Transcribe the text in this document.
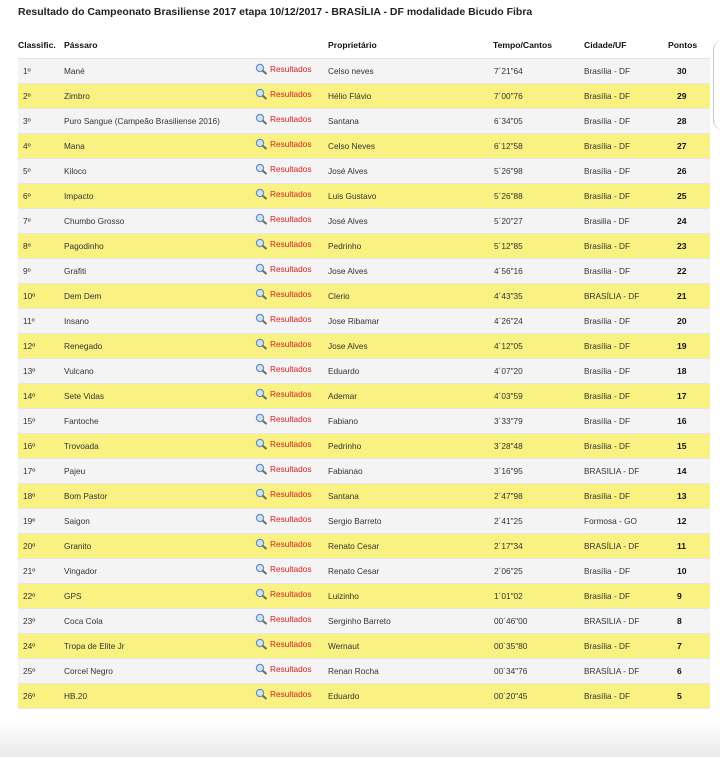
Resultado do Campeonato Brasiliense 2017 etapa 10/12/2017 - BRASÍLIA - DF modalidade Bicudo Fibra
Classific. Pássaro	Proprietário	Tempo/Cantos	Cidade/UF	Pontos
1º	Mané	Resultados Celso neves	7´21"64	Brasília - DF	30
2º	Zimbro	Resultados Hélio Flávio	7´00"76	Brasília - DF	29
3º	Puro Sangue (Campeão Brasiliense 2016)	Resultados Santana	6´34"05	Brasília - DF	28
4º	Mana	Resultados Celso Neves	6´12"58	Brasília - DF	27
5º	Kiloco	Resultados José Alves	5´26"98	Brasília - DF	26
6º	Impacto	Resultados Luis Gustavo	5´26"88	Brasília - DF	25
7º	Chumbo Grosso	Resultados José Alves	5´20"27	Brasilia - DF	24
8º	Pagodinho	Resultados Pedrinho	5´12"85	Brasília - DF	23
9º	Grafiti	Resultados Jose Alves	4´56"16	Brasília - DF	22
10º	Dem Dem	Resultados Clerio	4´43"35	BRASÍLIA - DF	21
11º	Insano	Resultados Jose Ribamar	4´26"24	Brasília - DF	20
12º	Renegado	Resultados Jose Alves	4´12"05	Brasília - DF	19
13º	Vulcano	Resultados Eduardo	4´07"20	Brasília - DF	18
14º	Sete Vidas	Resultados Ademar	4´03"59	Brasília - DF	17
15º	Fantoche	Resultados Fabiano	3´33"79	Brasília - DF	16
16º	Trovoada	Resultados Pedrinho	3´28"48	Brasília - DF	15
17º	Pajeu	Resultados Fabianao	3´16"95	BRASILIA - DF	14
18º	Bom Pastor	Resultados Santana	2´47"98	Brasília - DF	13
19º	Saigon	Resultados Sergio Barreto	2´41"25	Formosa - GO	12
20º	Granito	Resultados Renato Cesar	2´17"34	BRASÍLIA - DF	11
21º	Vingador	Resultados Renato Cesar	2´06"25	Brasília - DF	10
22º	GPS	Resultados Luizinho	1´01"02	Brasília - DF	9
23º	Coca Cola	Resultados Serginho Barreto	00´46"00	BRASILIA - DF	8
24º	Tropa de Elite Jr	Resultados Wernaut	00´35"80	Brasília - DF	7
25º	Corcel Negro	Resultados Renan Rocha	00´34"76	BRASÍLIA - DF	6
26º	HB.20	Resultados Eduardo	00´20"45	Brasília - DF	5
